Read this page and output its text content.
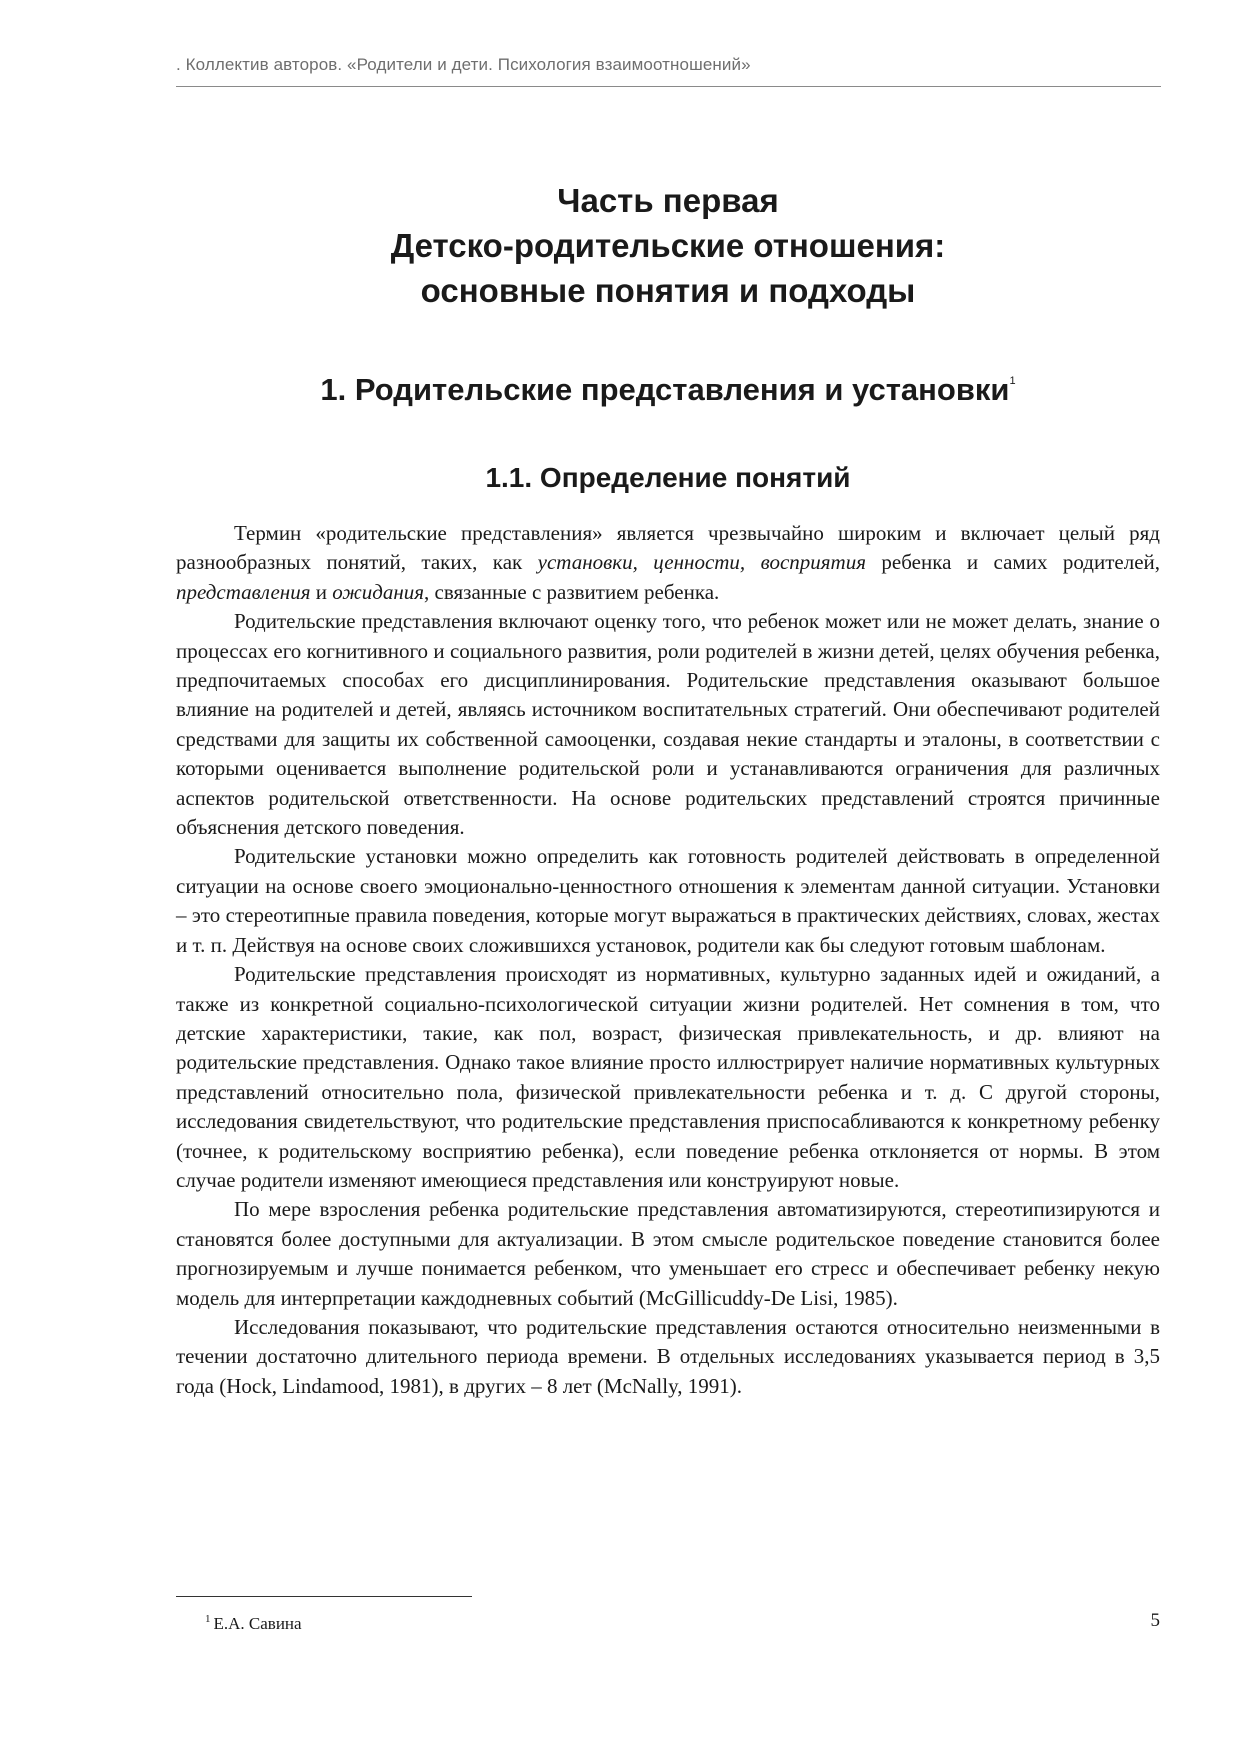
. Коллектив авторов. «Родители и дети. Психология взаимоотношений»
Часть первая
Детско-родительские отношения:
основные понятия и подходы
1. Родительские представления и установки$^1$
1.1. Определение понятий

Термин «родительские представления» является чрезвычайно широким и включает целый ряд разнообразных понятий, таких, как установки, ценности, восприятия ребенка и самих родителей, представления и ожидания, связанные с развитием ребенка.

Родительские представления включают оценку того, что ребенок может или не может делать, знание о процессах его когнитивного и социального развития, роли родителей в жизни детей, целях обучения ребенка, предпочитаемых способах его дисциплинирования. Родительские представления оказывают большое влияние на родителей и детей, являясь источником воспитательных стратегий. Они обеспечивают родителей средствами для защиты их собственной самооценки, создавая некие стандарты и эталоны, в соответствии с которыми оценивается выполнение родительской роли и устанавливаются ограничения для различных аспектов родительской ответственности. На основе родительских представлений строятся причинные объяснения детского поведения.

Родительские установки можно определить как готовность родителей действовать в определенной ситуации на основе своего эмоционально-ценностного отношения к элементам данной ситуации. Установки – это стереотипные правила поведения, которые могут выражаться в практических действиях, словах, жестах и т. п. Действуя на основе своих сложившихся установок, родители как бы следуют готовым шаблонам.

Родительские представления происходят из нормативных, культурно заданных идей и ожиданий, а также из конкретной социально-психологической ситуации жизни родителей. Нет сомнения в том, что детские характеристики, такие, как пол, возраст, физическая привлекательность, и др. влияют на родительские представления. Однако такое влияние просто иллюстрирует наличие нормативных культурных представлений относительно пола, физической привлекательности ребенка и т. д. С другой стороны, исследования свидетельствуют, что родительские представления приспосабливаются к конкретному ребенку (точнее, к родительскому восприятию ребенка), если поведение ребенка отклоняется от нормы. В этом случае родители изменяют имеющиеся представления или конструируют новые.

По мере взросления ребенка родительские представления автоматизируются, стереотипизируются и становятся более доступными для актуализации. В этом смысле родительское поведение становится более прогнозируемым и лучше понимается ребенком, что уменьшает его стресс и обеспечивает ребенку некую модель для интерпретации каждодневных событий (McGillicuddy-De Lisi, 1985).

Исследования показывают, что родительские представления остаются относительно неизменными в течении достаточно длительного периода времени. В отдельных исследованиях указывается период в 3,5 года (Hock, Lindamood, 1981), в других – 8 лет (McNally, 1991).

$^1$ Е.А. Савина	5
